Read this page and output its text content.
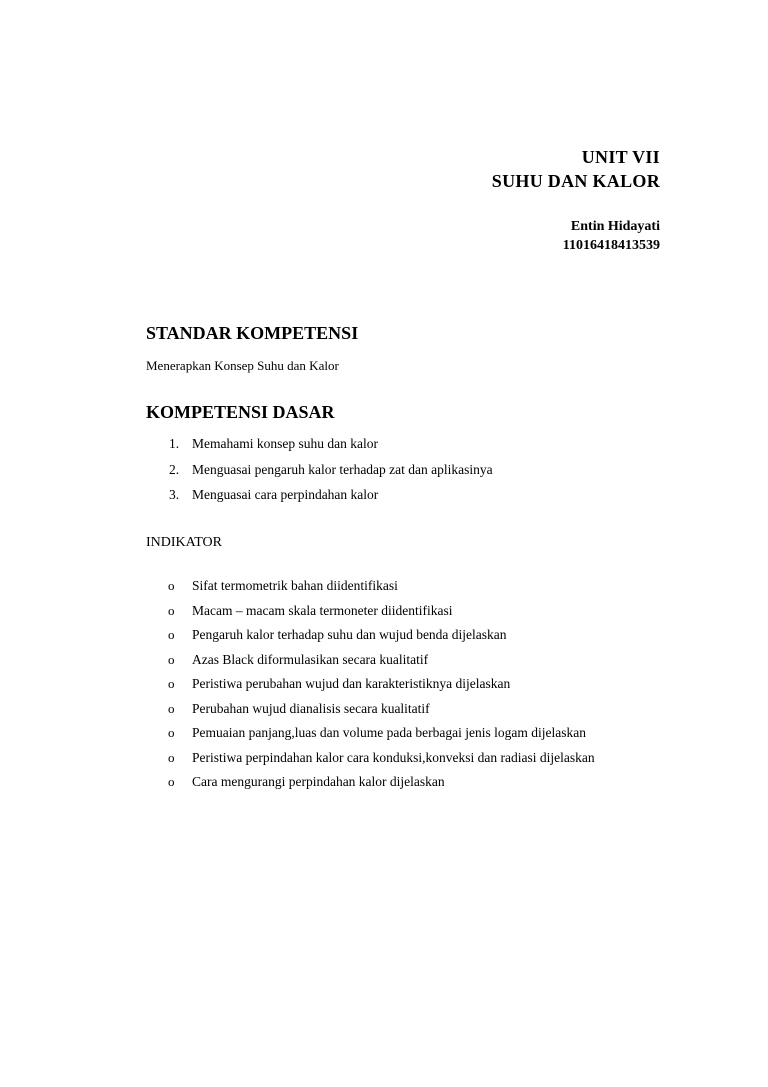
UNIT VII
SUHU DAN KALOR
Entin Hidayati
11016418413539
STANDAR KOMPETENSI
Menerapkan Konsep Suhu dan Kalor
KOMPETENSI DASAR
1. Memahami konsep suhu dan kalor
2. Menguasai pengaruh kalor terhadap zat dan aplikasinya
3. Menguasai cara perpindahan kalor
INDIKATOR
o Sifat termometrik bahan diidentifikasi
o Macam – macam skala termoneter diidentifikasi
o Pengaruh kalor terhadap suhu dan wujud benda dijelaskan
o Azas Black diformulasikan secara kualitatif
o Peristiwa perubahan wujud dan karakteristiknya dijelaskan
o Perubahan wujud dianalisis secara kualitatif
o Pemuaian panjang,luas dan volume pada berbagai jenis logam dijelaskan
o Peristiwa perpindahan kalor cara konduksi,konveksi dan radiasi dijelaskan
o Cara mengurangi perpindahan kalor dijelaskan
